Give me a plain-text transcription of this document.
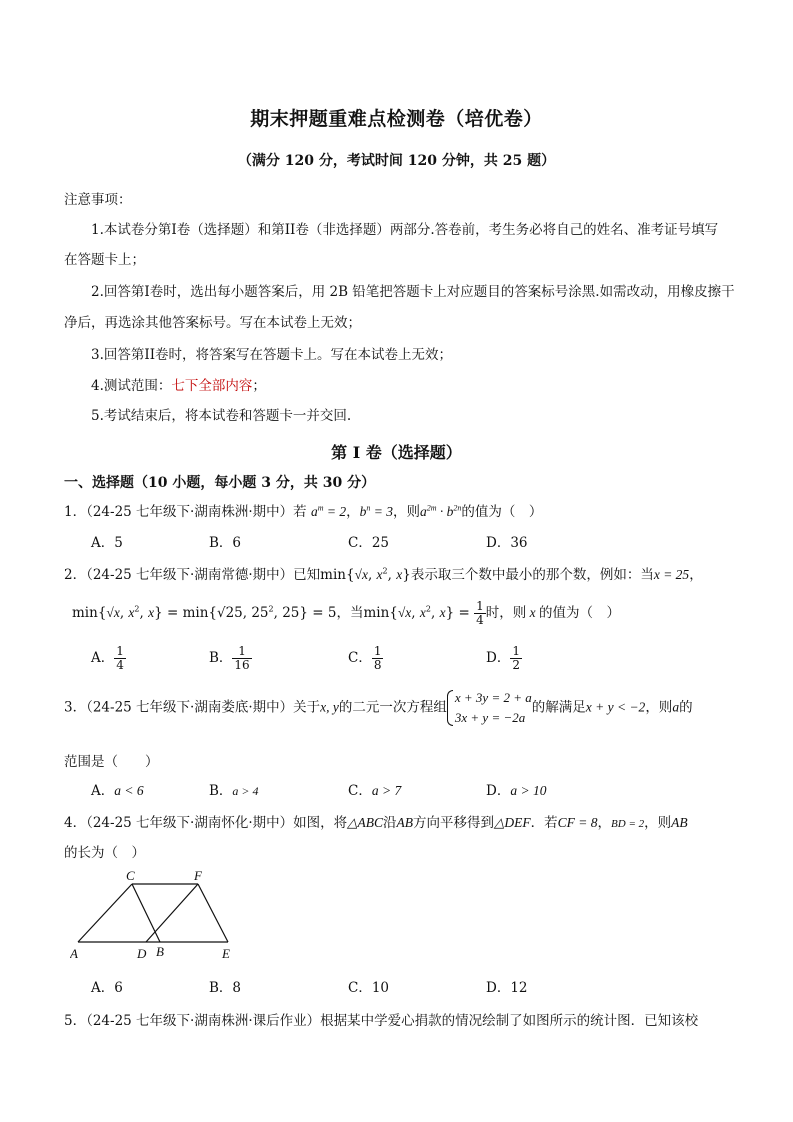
期末押题重难点检测卷（培优卷）
（满分 120 分，考试时间 120 分钟，共 25 题）
注意事项：
1.本试卷分第I卷（选择题）和第II卷（非选择题）两部分.答卷前，考生务必将自己的姓名、准考证号填写
在答题卡上；
2.回答第I卷时，选出每小题答案后，用 2B 铅笔把答题卡上对应题目的答案标号涂黑.如需改动，用橡皮擦干
净后，再选涂其他答案标号。写在本试卷上无效；
3.回答第II卷时，将答案写在答题卡上。写在本试卷上无效；
4.测试范围：七下全部内容；
5.考试结束后，将本试卷和答题卡一并交回.
第 I 卷（选择题）
一、选择题（10 小题，每小题 3 分，共 30 分）
1．（24-25 七年级下·湖南株洲·期中）若 $a^m = 2$，$b^n = 3$，则$a^{2m} \cdot b^{2n}$的值为（　）
A．5	B．6	C．25	D．36
2．（24-25 七年级下·湖南常德·期中）已知min{√x, $x^2$, x}表示取三个数中最小的那个数，例如：当x = 25，
min{√x, $x^2$, x} = min{√25, $25^2$, 25} = 5，当min{√x, $x^2$, $x\} = \frac{1}{4}$ 时，则 x 的值为（　）
A． $\frac{1}{4}$	B． $\frac{1}{16}$	C． $\frac{1}{8}$	D． $\frac{1}{2}$
3．（24-25 七年级下·湖南娄底·期中）关于x, y的二元一次方程组
x + 3y = 2 + a
3x + y = −2a
的解满足x + y < −2，则a的
范围是（　　）
A．a < 6	B．a > 4	C．a > 7	D．a > 10
4．（24-25 七年级下·湖南怀化·期中）如图，将△ABC沿AB方向平移得到△DEF．若CF = 8，BD = 2，则AB
的长为（　）
A	D B	E
C	F
A．6	B．8	C．10	D．12
5．（24-25 七年级下·湖南株洲·课后作业）根据某中学爱心捐款的情况绘制了如图所示的统计图．已知该校
